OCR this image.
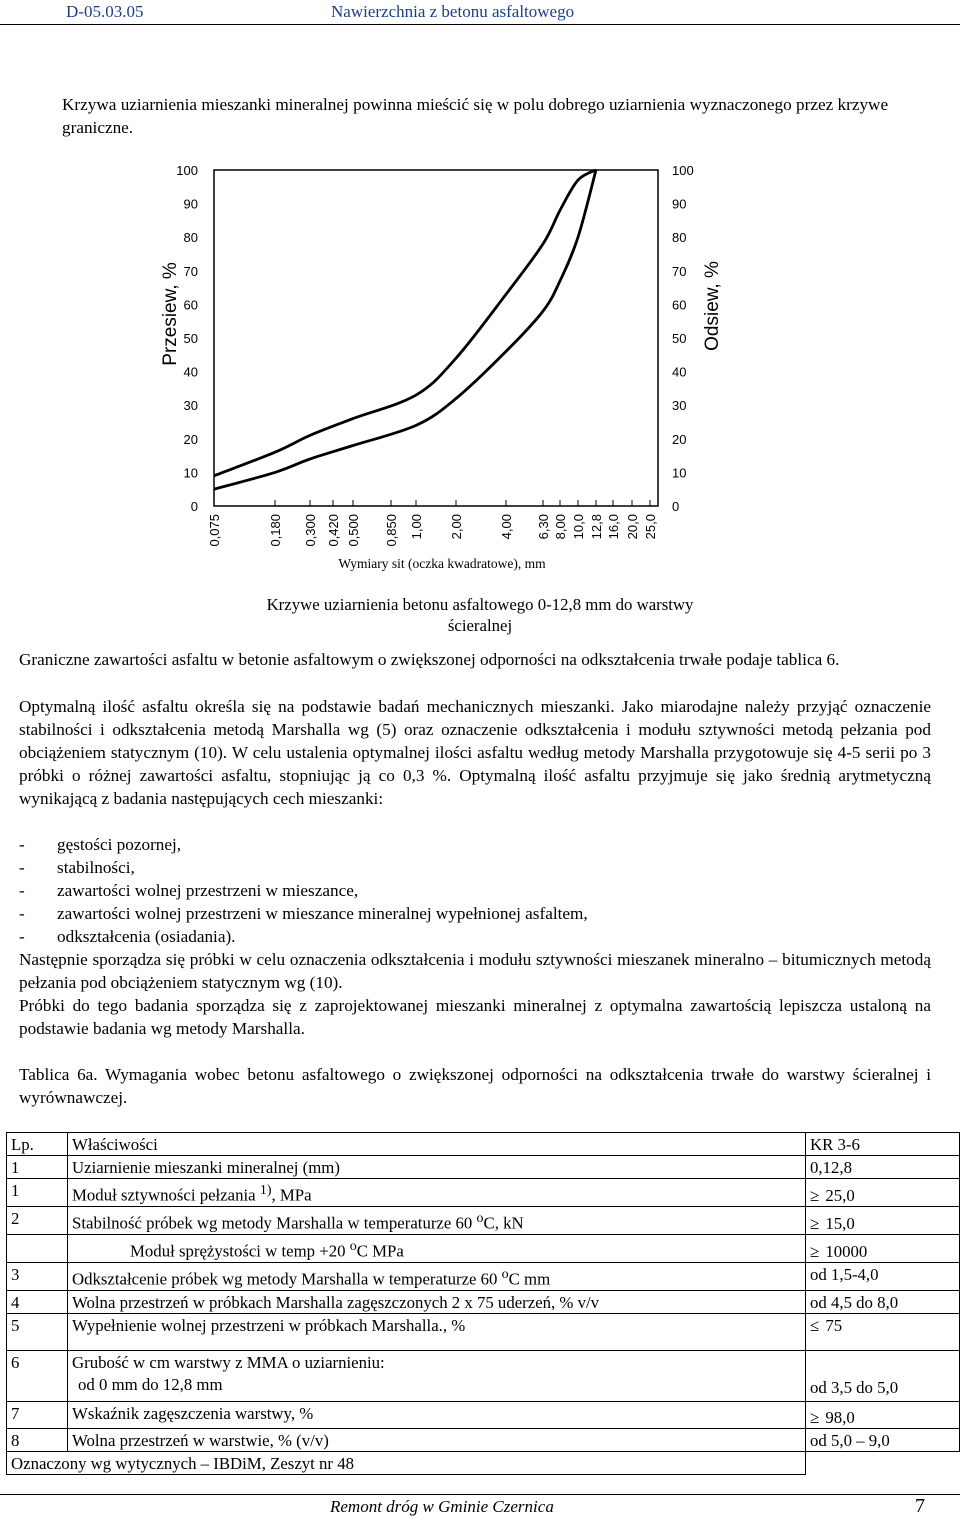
D-05.03.05	Nawierzchnia z betonu asfaltowego

Krzywa uziarnienia mieszanki mineralnej powinna mieścić się w polu dobrego uziarnienia wyznaczonego przez krzywe graniczne.

0
10
20
30
40
50
60
70
80
90
100
0
10
20
30
40
50
60
70
80
90
100
0,075	0,180 0,300 0,420 0,500 0,850 1,00 2,00	4,00 6,30 8,00 10,0 12,8 16,0 20,0 25,0
Przesiew, %	Odsiew, %
Wymiary sit (oczka kwadratowe), mm
Krzywe uziarnienia betonu asfaltowego 0-12,8 mm do warstwy
ścieralnej

Graniczne zawartości asfaltu w betonie asfaltowym o zwiększonej odporności na odkształcenia trwałe podaje tablica 6.

Optymalną ilość asfaltu określa się na podstawie badań mechanicznych mieszanki. Jako miarodajne należy przyjąć oznaczenie stabilności i odkształcenia metodą Marshalla wg (5) oraz oznaczenie odkształcenia i modułu sztywności metodą pełzania pod obciążeniem statycznym (10). W celu ustalenia optymalnej ilości asfaltu według metody Marshalla przygotowuje się 4-5 serii po 3 próbki o różnej zawartości asfaltu, stopniując ją co 0,3 %. Optymalną ilość asfaltu przyjmuje się jako średnią arytmetyczną wynikającą z badania następujących cech mieszanki:

- gęstości pozornej,
- stabilności,
- zawartości wolnej przestrzeni w mieszance,
- zawartości wolnej przestrzeni w mieszance mineralnej wypełnionej asfaltem,
- odkształcenia (osiadania).

Następnie sporządza się próbki w celu oznaczenia odkształcenia i modułu sztywności mieszanek mineralno – bitumicznych metodą pełzania pod obciążeniem statycznym wg (10).

Próbki do tego badania sporządza się z zaprojektowanej mieszanki mineralnej z optymalna zawartością lepiszcza ustaloną na podstawie badania wg metody Marshalla.

Tablica 6a. Wymagania wobec betonu asfaltowego o zwiększonej odporności na odkształcenia trwałe do warstwy ścieralnej i wyrównawczej.

Lp.	Właściwości	KR 3-6
1	Uziarnienie mieszanki mineralnej (mm)	0,12,8
1	Moduł sztywności pełzania $^{1)}$, MPa	≥ 25,0
2	Stabilność próbek wg metody Marshalla w temperaturze 60 $^o$C, kN	≥ 15,0
	Moduł sprężystości w temp +20 $^o$C MPa	≥ 10000
3	Odkształcenie próbek wg metody Marshalla w temperaturze 60 $^o$C mm	od 1,5-4,0
4	Wolna przestrzeń w próbkach Marshalla zagęszczonych 2 x 75 uderzeń, % v/v	od 4,5 do 8,0
5	Wypełnienie wolnej przestrzeni w próbkach Marshalla., %	≤ 75
6	Grubość w cm warstwy z MMA o uziarnieniu:
od 0 mm do 12,8 mm	od 3,5 do 5,0
7	Wskaźnik zagęszczenia warstwy, %	≥ 98,0
8	Wolna przestrzeń w warstwie, % (v/v)	od 5,0 – 9,0
Oznaczony wg wytycznych – IBDiM, Zeszyt nr 48		
Remont dróg w Gminie Czernica	7
